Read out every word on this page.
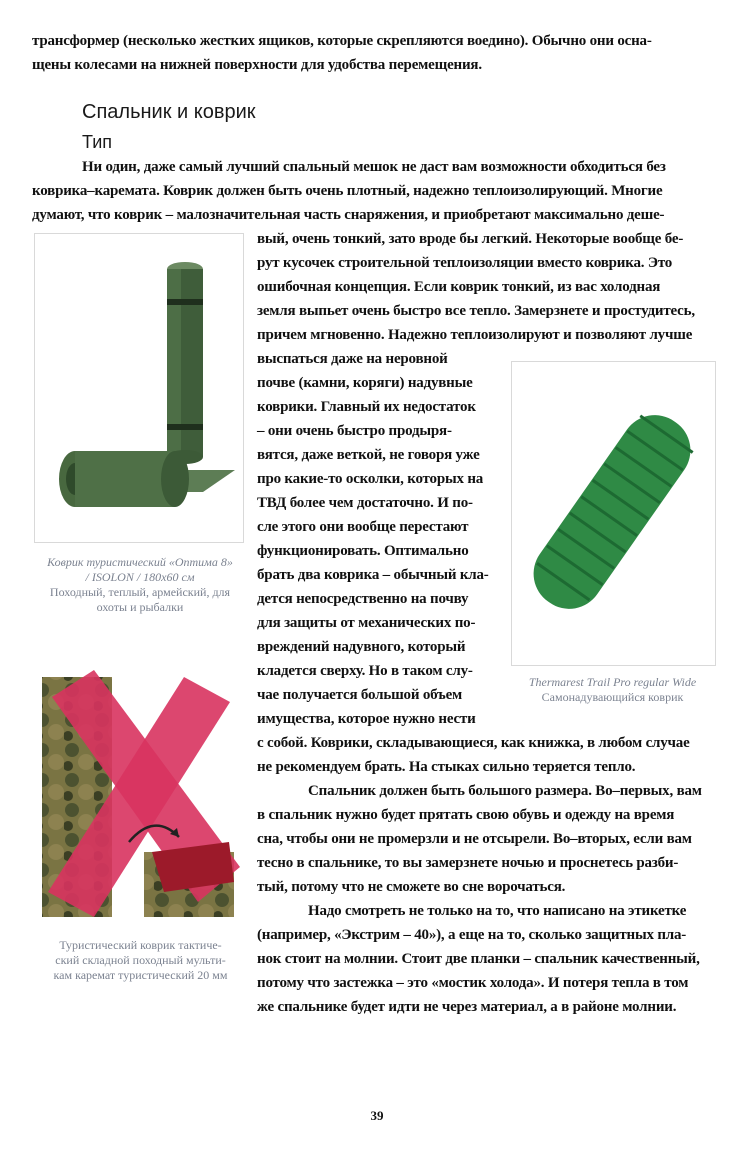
трансформер (несколько жестких ящиков, которые скрепляются воедино). Обычно они осна-
щены колесами на нижней поверхности для удобства перемещения.
Спальник и коврик
Тип
Ни один, даже самый лучший спальный мешок не даст вам возможности обходиться без
коврика–каремата. Коврик должен быть очень плотный, надежно теплоизолирующий. Многие
думают, что коврик – малозначительная часть снаряжения, и приобретают максимально деше-
вый, очень тонкий, зато вроде бы легкий. Некоторые вообще бе-
рут кусочек строительной теплоизоляции вместо коврика. Это
ошибочная концепция. Если коврик тонкий, из вас холодная
земля выпьет очень быстро все тепло. Замерзнете и простудитесь,
причем мгновенно. Надежно теплоизолируют и позволяют лучше
выспаться даже на неровной
почве (камни, коряги) надувные
коврики. Главный их недостаток
– они очень быстро продыря-
вятся, даже веткой, не говоря уже
про какие-то осколки, которых на
ТВД более чем достаточно. И по-
сле этого они вообще перестают
функционировать. Оптимально
брать два коврика – обычный кла-
дется непосредственно на почву
для защиты от механических по-
вреждений надувного, который
кладется сверху. Но в таком слу-
чае получается большой объем
имущества, которое нужно нести
с собой. Коврики, складывающиеся, как книжка, в любом случае
не рекомендуем брать. На стыках сильно теряется тепло.
Спальник должен быть большого размера. Во–первых, вам
в спальник нужно будет прятать свою обувь и одежду на время
сна, чтобы они не промерзли и не отсырели. Во–вторых, если вам
тесно в спальнике, то вы замерзнете ночью и проснетесь разби-
тый, потому что не сможете во сне ворочаться.
Надо смотреть не только на то, что написано на этикетке
(например, «Экстрим – 40»), а еще на то, сколько защитных пла-
нок стоит на молнии. Стоит две планки – спальник качественный,
потому что застежка – это «мостик холода». И потеря тепла в том
же спальнике будет идти не через материал, а в районе молнии.
Коврик туристический «Оптима 8»
/ ISOLON / 180х60 см
Походный, теплый, армейский, для
охоты и рыбалки
Thermarest Trail Pro regular Wide
Самонадувающийся коврик
Туристический коврик тактиче-
ский складной походный мульти-
кам каремат туристический 20 мм
39
